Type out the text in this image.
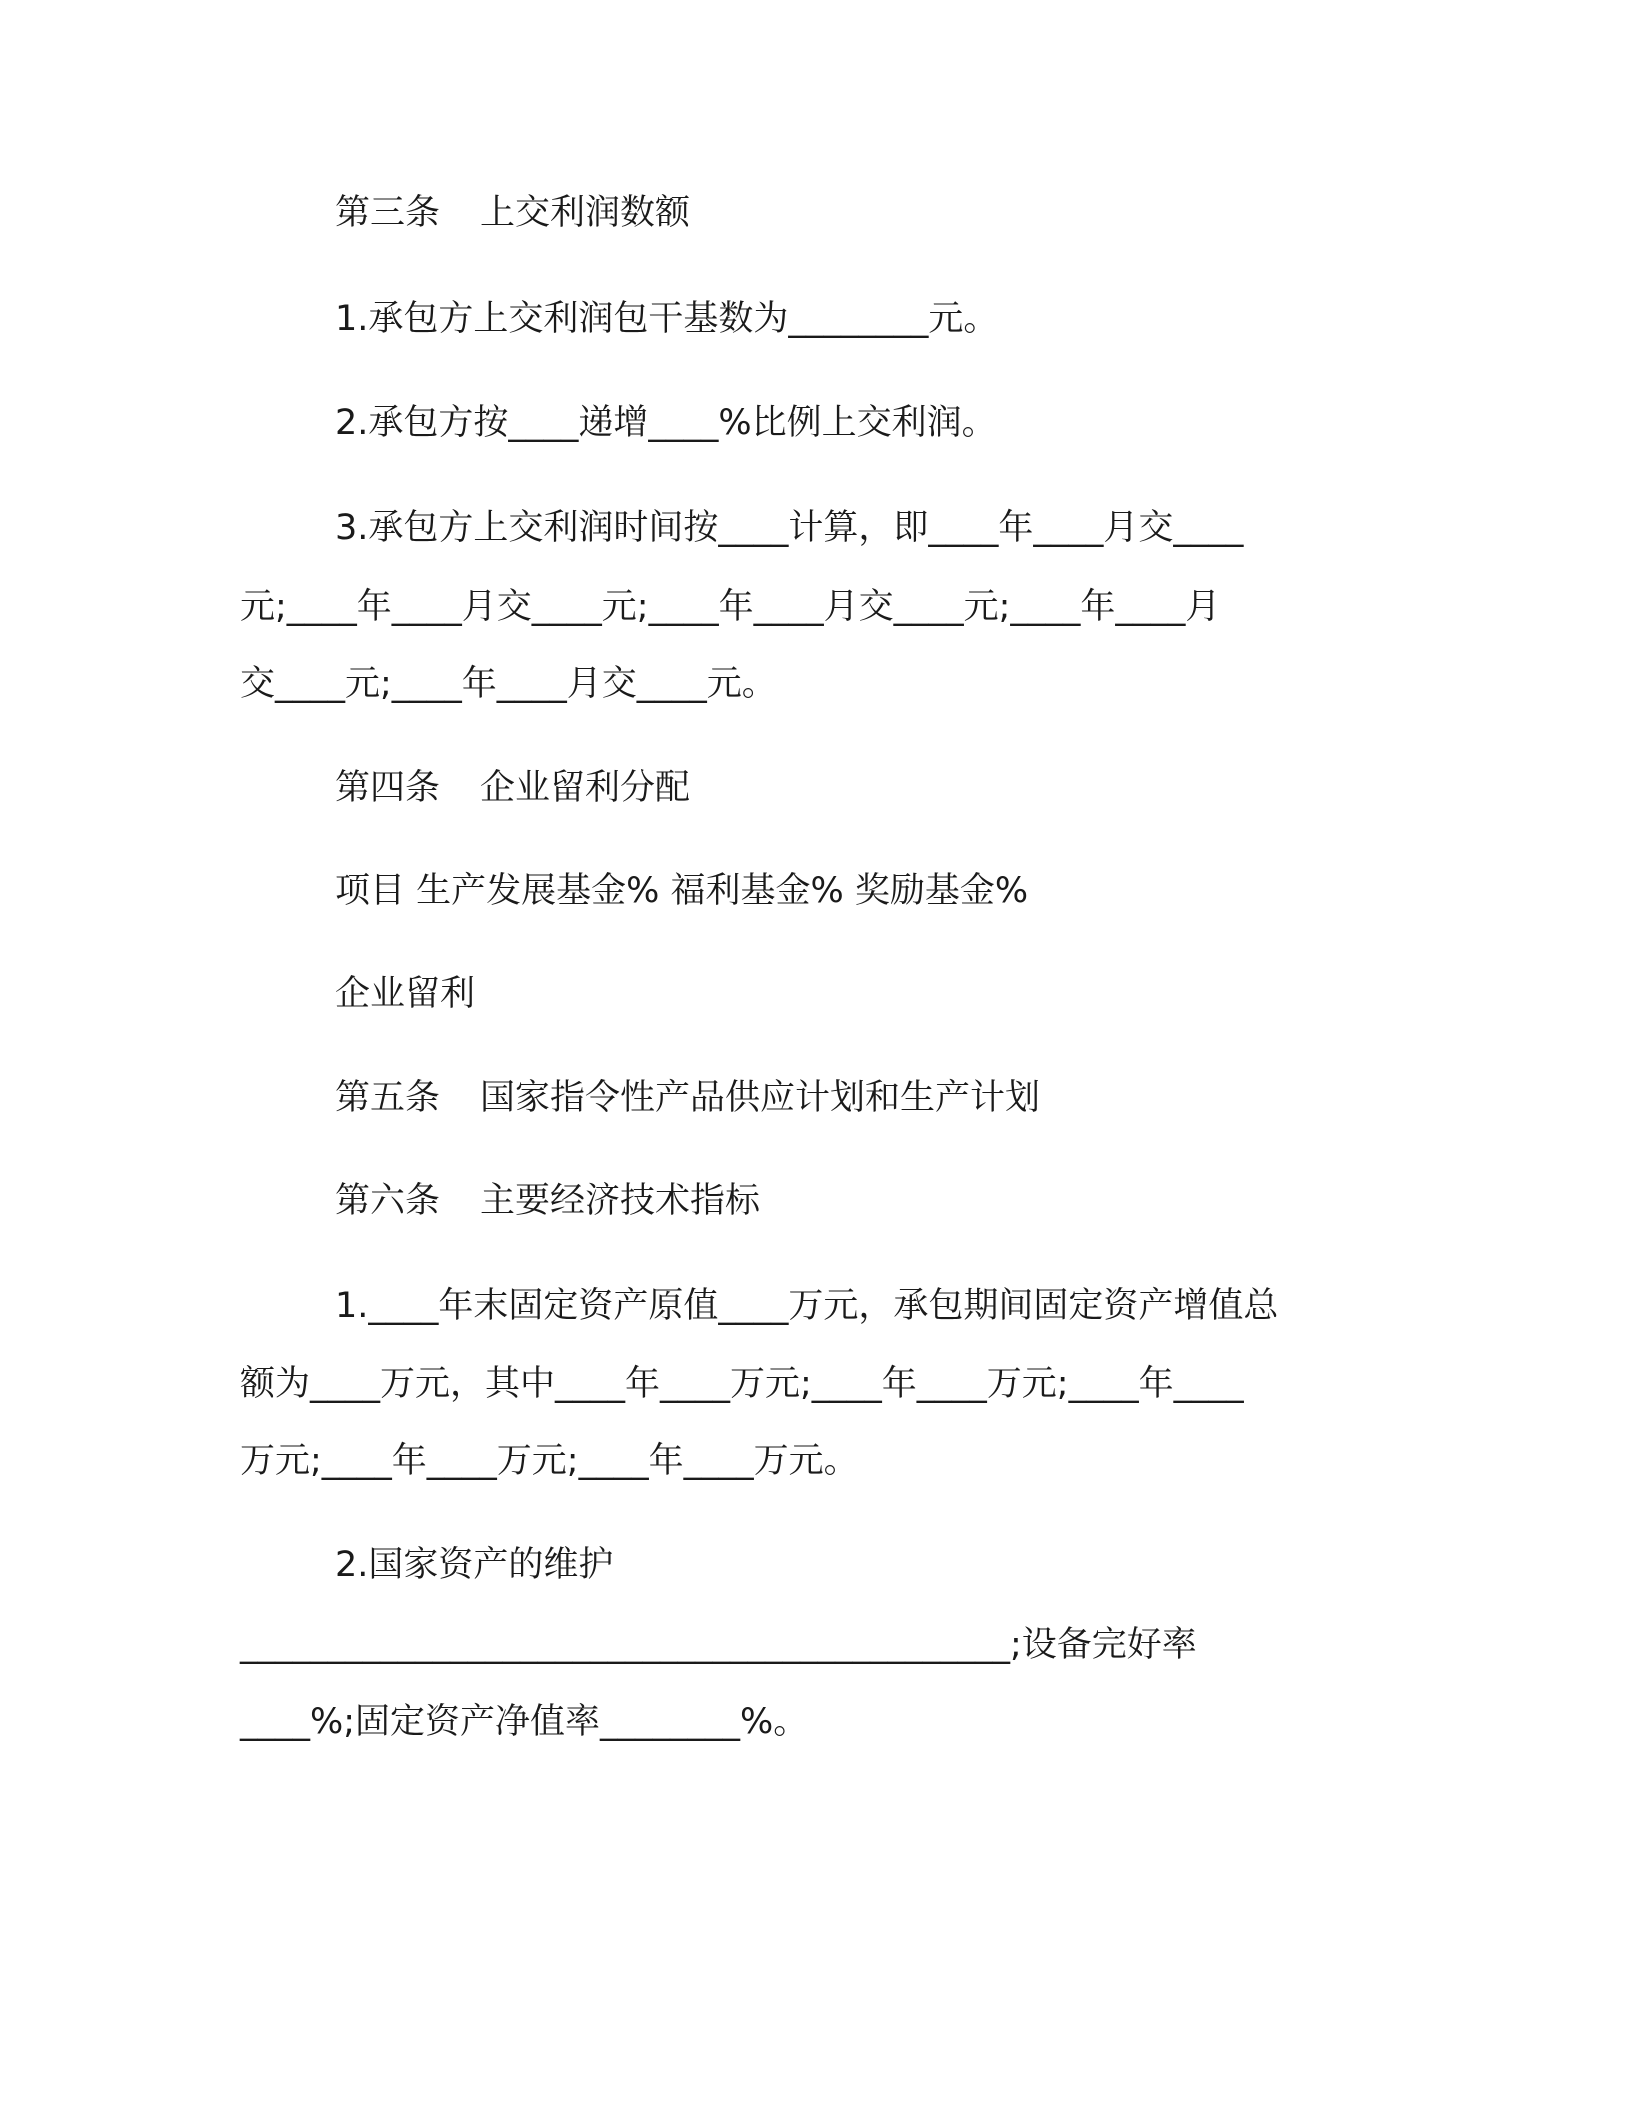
第三条 上交利润数额
1.承包方上交利润包干基数为________元。
2.承包方按____递增____%比例上交利润。
3.承包方上交利润时间按____计算，即____年____月交____
元;____年____月交____元;____年____月交____元;____年____月
交____元;____年____月交____元。
第四条 企业留利分配
项目 生产发展基金% 福利基金% 奖励基金%
企业留利
第五条 国家指令性产品供应计划和生产计划
第六条 主要经济技术指标
1.____年末固定资产原值____万元，承包期间固定资产增值总
额为____万元，其中____年____万元;____年____万元;____年____
万元;____年____万元;____年____万元。
2.国家资产的维护
____________________________________________;设备完好率
____%;固定资产净值率________%。
